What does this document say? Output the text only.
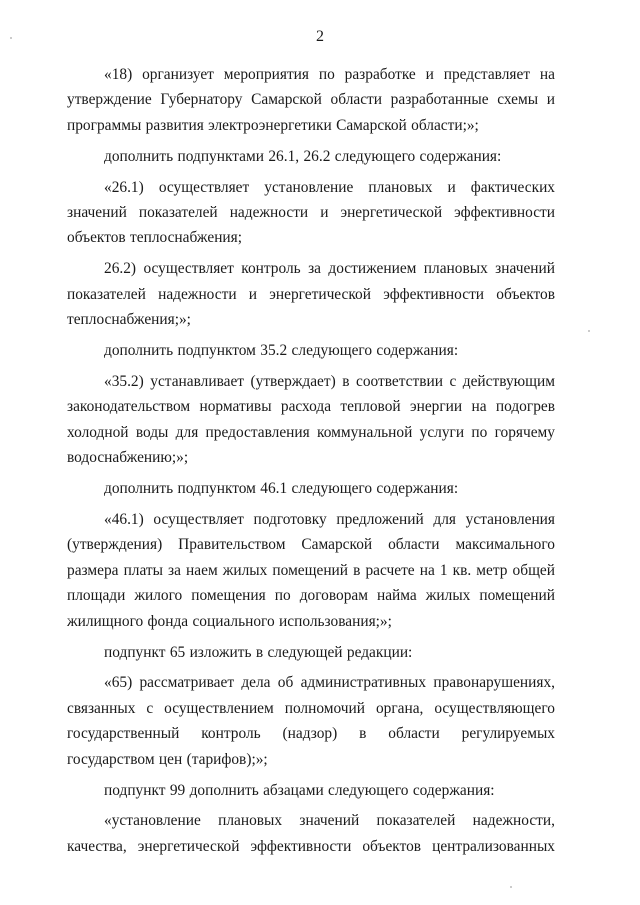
2

«18) организует мероприятия по разработке и представляет на утверждение Губернатору Самарской области разработанные схемы и программы развития электроэнергетики Самарской области;»;

дополнить подпунктами 26.1, 26.2 следующего содержания:

«26.1) осуществляет установление плановых и фактических значений показателей надежности и энергетической эффективности объектов теплоснабжения;

26.2) осуществляет контроль за достижением плановых значений показателей надежности и энергетической эффективности объектов теплоснабжения;»;

дополнить подпунктом 35.2 следующего содержания:

«35.2) устанавливает (утверждает) в соответствии с действующим законодательством нормативы расхода тепловой энергии на подогрев холодной воды для предоставления коммунальной услуги по горячему водоснабжению;»;

дополнить подпунктом 46.1 следующего содержания:

«46.1) осуществляет подготовку предложений для установления (утверждения) Правительством Самарской области максимального размера платы за наем жилых помещений в расчете на 1 кв. метр общей площади жилого помещения по договорам найма жилых помещений жилищного фонда социального использования;»;

подпункт 65 изложить в следующей редакции:

«65) рассматривает дела об административных правонарушениях, связанных с осуществлением полномочий органа, осуществляющего государственный контроль (надзор) в области регулируемых государством цен (тарифов);»;

подпункт 99 дополнить абзацами следующего содержания:

«установление плановых значений показателей надежности, качества, энергетической эффективности объектов централизованных
